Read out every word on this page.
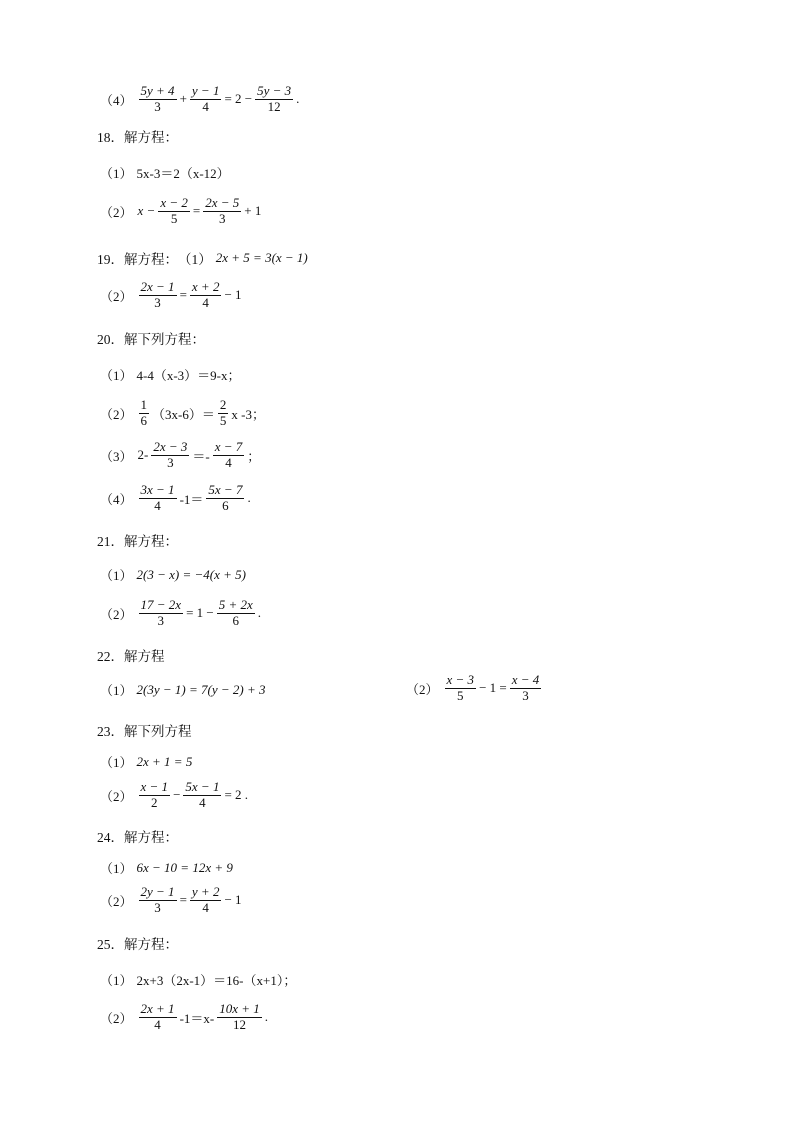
$(4) \frac{5y + 4}{3} + \frac{y - 1}{4} = 2 - \frac{5y - 3}{12}$ .
18．解方程：
（1） 5x-3＝2（x-12）
（2） $x - \frac{x - 2}{5} = \frac{2x - 5}{3} + 1$
19．解方程： （1） 2x + 5 = 3(x − 1)
$(2) \frac{2x - 1}{3} = \frac{x + 2}{4} - 1$
20．解下列方程：
（1） 4-4（x-3）＝9-x；
$(2) \frac{1}{6} (3x-6)= \frac{2}{5}$ x -3；
（3） $2- \frac{2x - 3}{3} =- \frac{x - 7}{4}$ ；
$(4) \frac{3x - 1}{4} -1= \frac{5x - 7}{6}$ .
21．解方程：
（1） 2(3 − x) = −4(x + 5)
$(2) \frac{17 - 2x}{3} = 1 - \frac{5 + 2x}{6}$ .
22．解方程
（1） 2(3y − 1) = 7(y − 2) + 3	$(2) \frac{x - 3}{5} - 1 = \frac{x - 4}{3}$
23．解下列方程
（1） 2x + 1 = 5
$(2) \frac{x - 1}{2} - \frac{5x - 1}{4} = 2$ .
24．解方程：
（1） 6x − 10 = 12x + 9
$(2) \frac{2y - 1}{3} = \frac{y + 2}{4} - 1$
25．解方程：
（1） 2x+3（2x-1）＝16-（x+1）；
$(2) \frac{2x + 1}{4} -1=x- \frac{10x + 1}{12}$ .
